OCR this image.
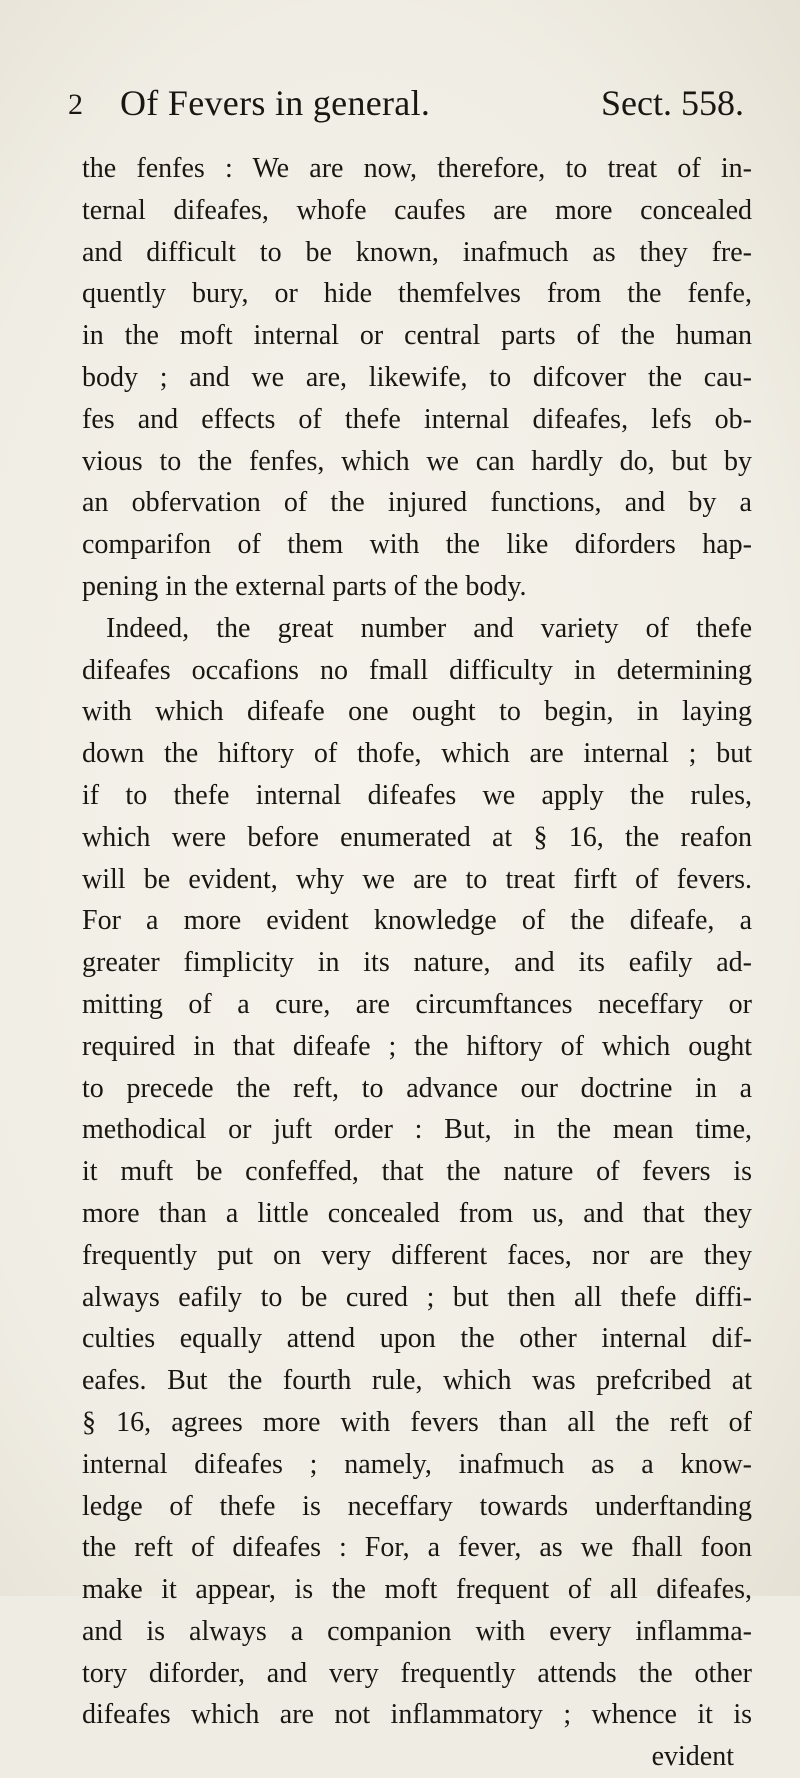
2 Of Fevers in general.	Sect. 558.
the fenfes : We are now, therefore, to treat of in-
ternal difeafes, whofe caufes are more concealed
and difficult to be known, inafmuch as they fre-
quently bury, or hide themfelves from the fenfe,
in the moft internal or central parts of the human
body ; and we are, likewife, to difcover the cau-
fes and effects of thefe internal difeafes, lefs ob-
vious to the fenfes, which we can hardly do, but by
an obfervation of the injured functions, and by a
comparifon of them with the like diforders hap-
pening in the external parts of the body.
Indeed, the great number and variety of thefe
difeafes occafions no fmall difficulty in determining
with which difeafe one ought to begin, in laying
down the hiftory of thofe, which are internal ; but
if to thefe internal difeafes we apply the rules,
which were before enumerated at § 16, the reafon
will be evident, why we are to treat firft of fevers.
For a more evident knowledge of the difeafe, a
greater fimplicity in its nature, and its eafily ad-
mitting of a cure, are circumftances neceffary or
required in that difeafe ; the hiftory of which ought
to precede the reft, to advance our doctrine in a
methodical or juft order : But, in the mean time,
it muft be confeffed, that the nature of fevers is
more than a little concealed from us, and that they
frequently put on very different faces, nor are they
always eafily to be cured ; but then all thefe diffi-
culties equally attend upon the other internal dif-
eafes. But the fourth rule, which was prefcribed at
§ 16, agrees more with fevers than all the reft of
internal difeafes ; namely, inafmuch as a know-
ledge of thefe is neceffary towards underftanding
the reft of difeafes : For, a fever, as we fhall foon
make it appear, is the moft frequent of all difeafes,
and is always a companion with every inflamma-
tory diforder, and very frequently attends the other
difeafes which are not inflammatory ; whence it is
evident
